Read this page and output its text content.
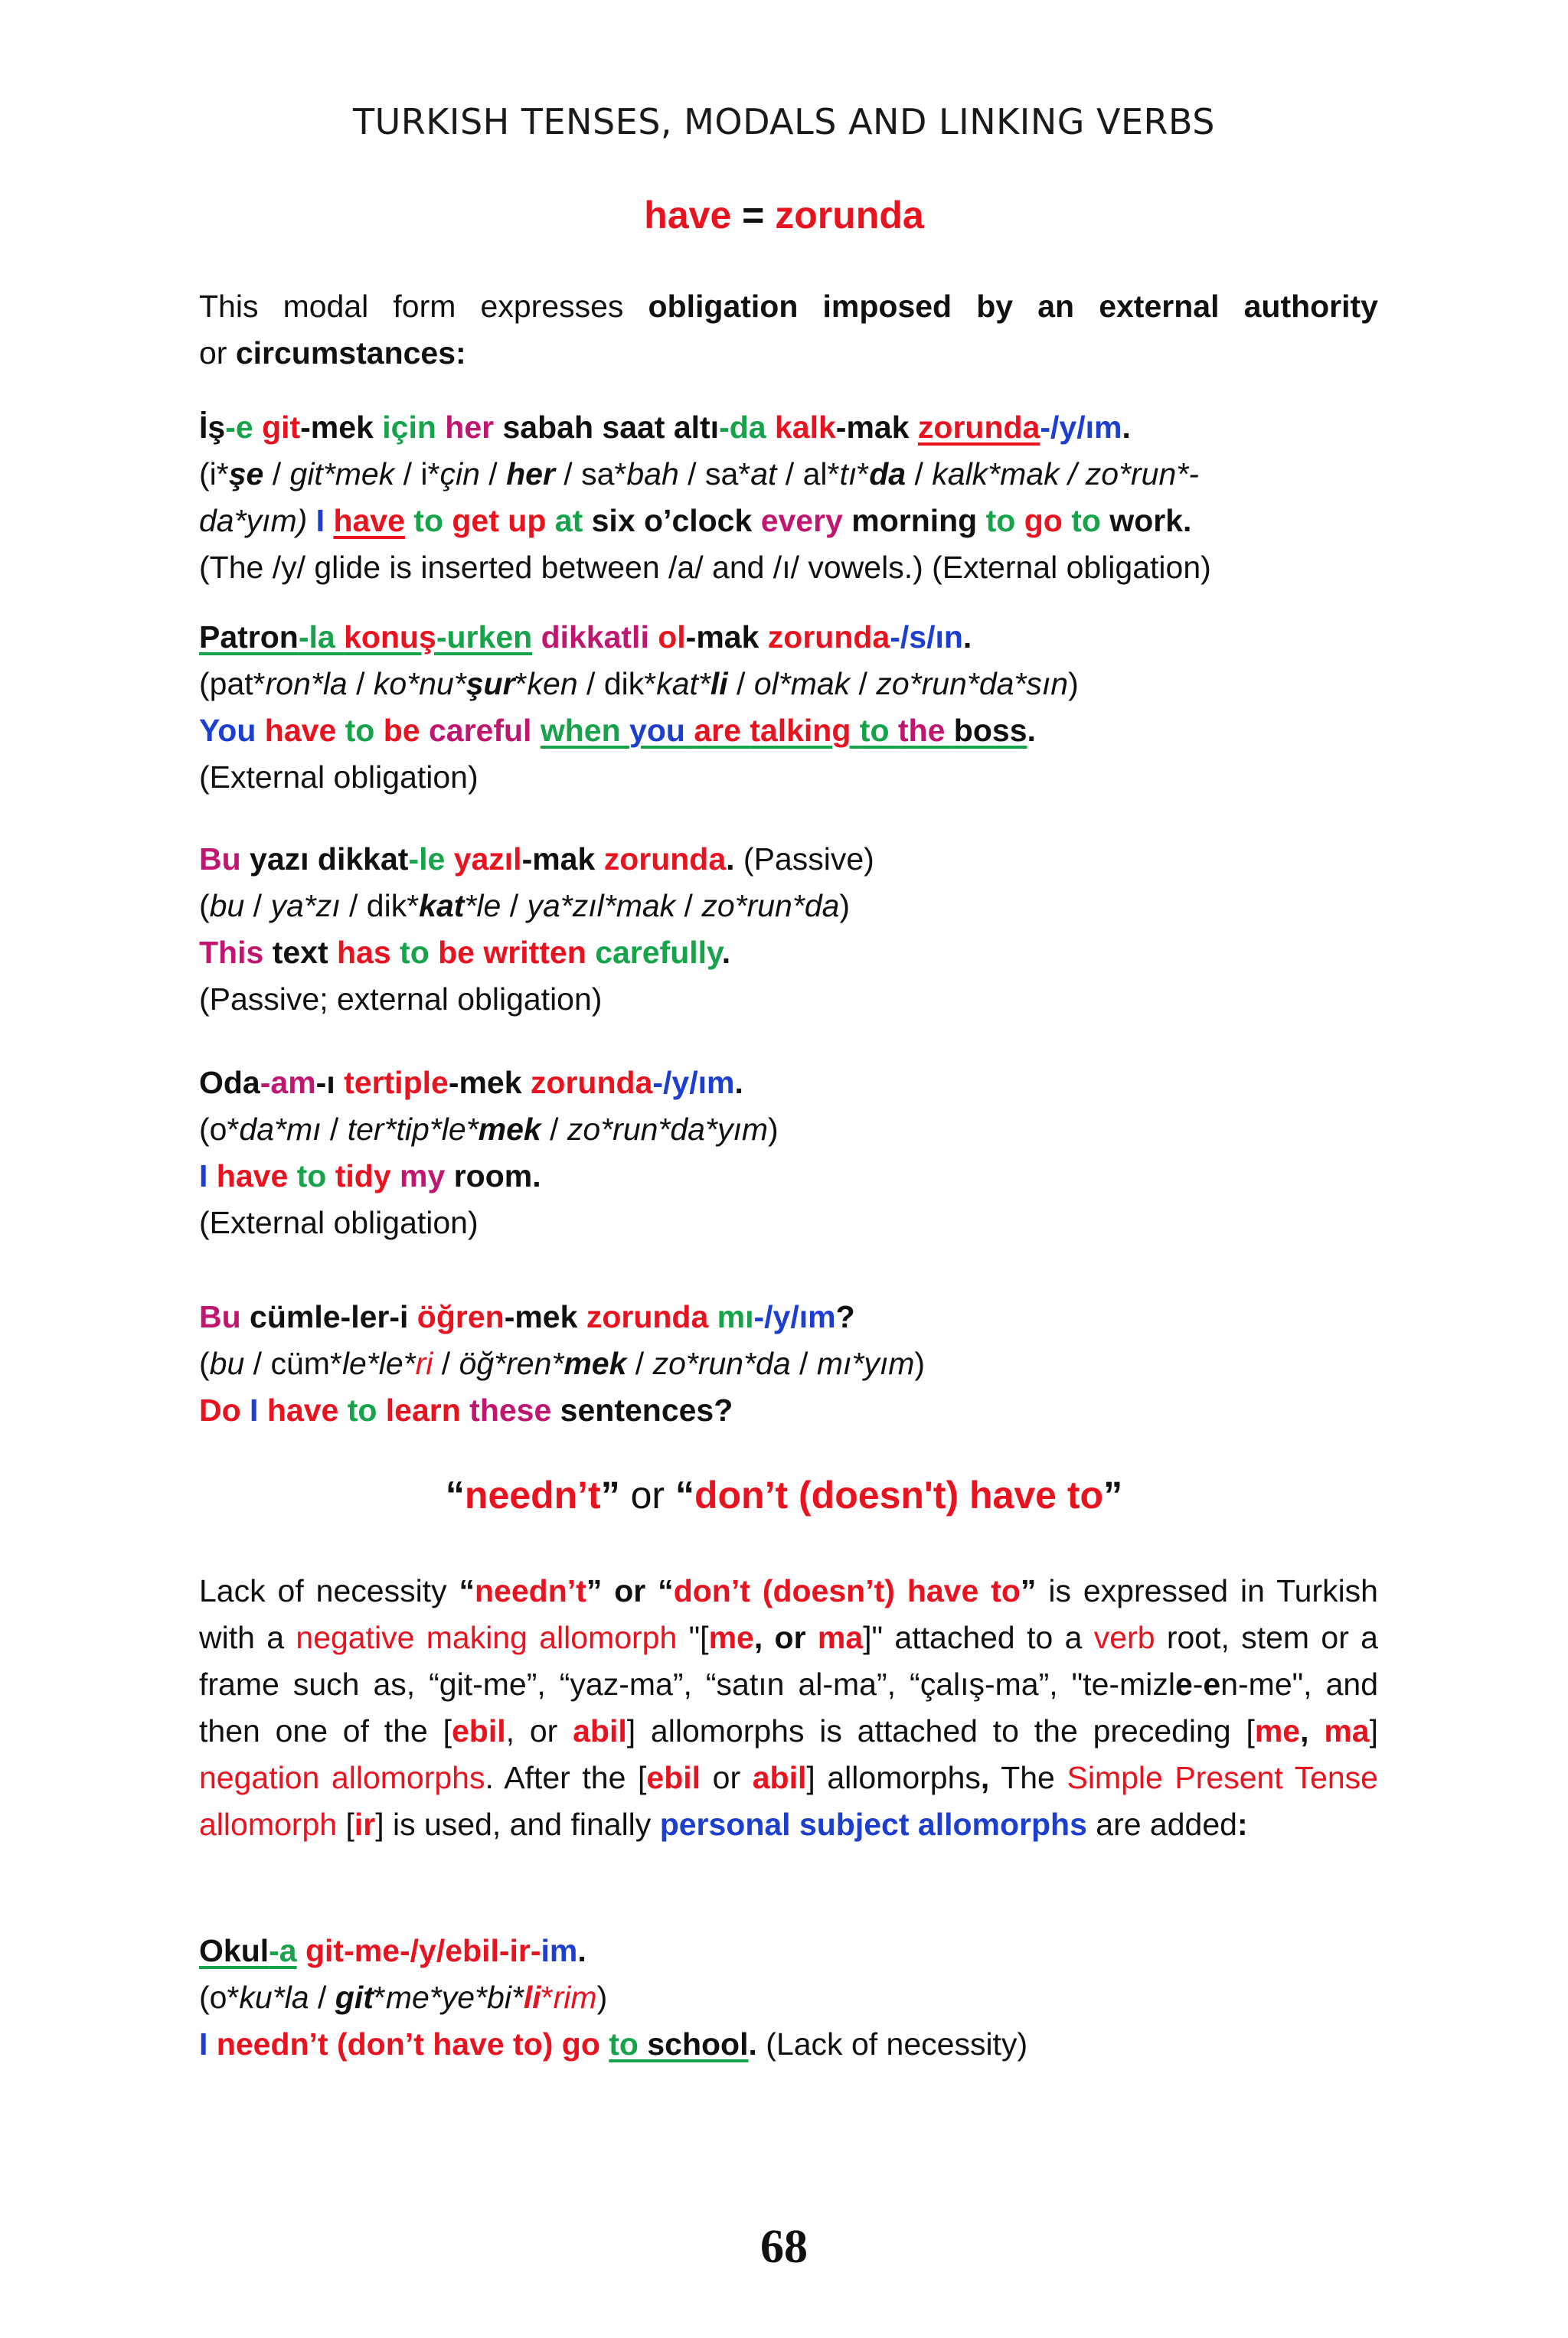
TURKISH TENSES, MODALS AND LINKING VERBS
have = zorunda
This modal form expresses obligation imposed by an external authority
or circumstances:
İş-e git-mek için her sabah saat altı-da kalk-mak zorunda-/y/ım.
(i*şe / git*mek / i*çin / her / sa*bah / sa*at / al*tı*da / kalk*mak / zo*run*-
da*yım) I have to get up at six o’clock every morning to go to work.
(The /y/ glide is inserted between /a/ and /ı/ vowels.) (External obligation)
Patron-la konuş-urken dikkatli ol-mak zorunda-/s/ın.
(pat*ron*la / ko*nu*şur*ken / dik*kat*li / ol*mak / zo*run*da*sın)
You have to be careful when you are talking to the boss.
(External obligation)
Bu yazı dikkat-le yazıl-mak zorunda. (Passive)
(bu / ya*zı / dik*kat*le / ya*zıl*mak / zo*run*da)
This text has to be written carefully.
(Passive; external obligation)
Oda-am-ı tertiple-mek zorunda-/y/ım.
(o*da*mı / ter*tip*le*mek / zo*run*da*yım)
I have to tidy my room.
(External obligation)
Bu cümle-ler-i öğren-mek zorunda mı-/y/ım?
(bu / cüm*le*le*ri / öğ*ren*mek / zo*run*da / mı*yım)
Do I have to learn these sentences?
“needn’t” or “don’t (doesn't) have to”
Lack of necessity “needn’t” or “don’t (doesn’t) have to” is expressed in Turkish with a negative making allomorph "[me, or ma]" attached to a verb root, stem or a frame such as, “git-me”, “yaz-ma”, “satın al-ma”, “çalış-ma”, "te-mizle-en-me", and then one of the [ebil, or abil] allomorphs is attached to the preceding [me, ma] negation allomorphs. After the [ebil or abil] allomorphs, The Simple Present Tense allomorph [ir] is used, and finally personal subject allomorphs are added:
Okul-a git-me-/y/ebil-ir-im.
(o*ku*la / git*me*ye*bi*li*rim)
I needn’t (don’t have to) go to school. (Lack of necessity)
68
